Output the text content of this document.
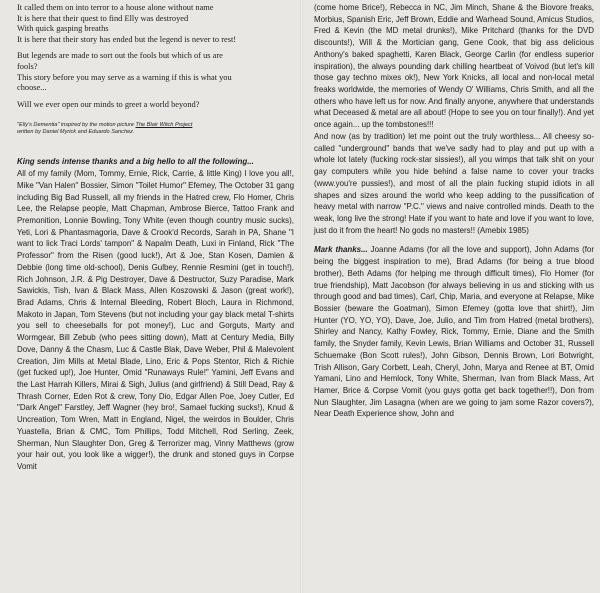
It called them on into terror to a house alone without name
It is here that their quest to find Elly was destroyed
With quick gasping breaths
It is here that their story has ended but the legend is never to rest!

But legends are made to sort out the fools but which of us are
fools?
This story before you may serve as a warning if this is what you
choose...

Will we ever open our minds to greet a world beyond?

"Elly's Dementia" inspired by the motion picture The Blair Witch Project
written by Daniel Myrick and Eduardo Sanchez.

King sends intense thanks and a big hello to all the following...
All of my family (Mom, Tommy, Ernie, Rick, Carrie, & little King) I love you all!, Mike "Van Halen" Bossier, Simon "Toilet Humor" Efemey, The October 31 gang including Big Bad Russell, all my friends in the Hatred crew, Flo Homer, Chris Lee, the Relapse people, Matt Chapman, Ambrose Bierce, Tattoo Frank and Premonition, Lonnie Bowling, Tony White (even though country music sucks), Yeti, Lori & Phantasmagoria, Dave & Crook'd Records, Sarah in PA, Shane "I want to lick Traci Lords' tampon" & Napalm Death, Luxi in Finland, Rick "The Professor" from the Risen (good luck!), Art & Joe, Stan Kosen, Damien & Debbie (long time old-school), Denis Gulbey, Rennie Resmini (get in touch!), Rich Johnson, J.R. & Pig Destroyer, Dave & Destructor, Suzy Paradise, Mark Sawickis, Tish, Ivan & Black Mass, Allen Koszowski & Jason (great work!), Brad Adams, Chris & Internal Bleeding, Robert Bloch, Laura in Richmond, Makoto in Japan, Tom Stevens (but not including your gay black metal T-shirts you sell to cheeseballs for pot money!), Luc and Gorguts, Marty and Wormgear, Bill Zebub (who pees sitting down), Matt at Century Media, Billy Dove, Danny & the Chasm, Luc & Castle Blak, Dave Weber, Phil & Malevolent Creation, Jim Mills at Metal Blade, Lino, Eric & Pops Stentor, Rich & Richie (get fucked up!), Joe Hunter, Omid "Runaways Rule!" Yamini, Jeff Evans and the Last Harrah Killers, Mirai & Sigh, Julius (and girlfriend) & Still Dead, Ray & Thrash Corner, Eden Rot & crew, Tony Dio, Edgar Allen Poe, Joey Cutler, Ed "Dark Angel" Farstley, Jeff Wagner (hey bro!, Samael fucking sucks!), Knud & Uncreation, Tom Wren, Matt in England, Nigel, the weirdos in Boulder, Chris Yuastella, Brian & CMC, Tom Phillips, Todd Mitchell, Rod Serling, Zeek, Sherman, Nun Slaughter Don, Greg & Terrorizer mag, Vinny Matthews (grow your hair out, you look like a wigger!), the drunk and stoned guys in Corpse Vomit

(come home Brice!), Rebecca in NC, Jim Minch, Shane & the Biovore freaks, Morbius, Spanish Eric, Jeff Brown, Eddie and Warhead Sound, Amicus Studios, Fred & Kevin (the MD metal drunks!), Mike Pritchard (thanks for the DVD discounts!), Will & the Mortician gang, Gene Cook, that big ass delicious Anthony's baked spaghetti, Karen Black, George Carlin (for endless superior inspiration), the always pounding dark chilling heartbeat of Voivod (but let's kill those gay techno mixes ok!), New York Knicks, all local and non-local metal freaks worldwide, the memories of Wendy O' Williams, Chris Smith, and all the others who have left us for now. And finally anyone, anywhere that understands what Deceased & metal are all about! (Hope to see you on tour finally!). And yet once again... up the tombstones!!!

And now (as by tradition) let me point out the truly worthless... All cheesy so-called "underground" bands that we've sadly had to play and put up with a whole lot lately (fucking rock-star sissies!), all you wimps that talk shit on your gay computers while you hide behind a false name to cover your tracks (www.you're pussies!), and most of all the plain fucking stupid idiots in all shapes and sizes around the world who keep adding to the pussification of heavy metal with narrow "P.C." views and naive controlled minds. Death to the weak, long live the strong! Hate if you want to hate and love if you want to love, just do it from the heart! No gods no masters!! (Amebix 1985)

Mark thanks... Joanne Adams (for all the love and support), John Adams (for being the biggest inspiration to me), Brad Adams (for being a true blood brother), Beth Adams (for helping me through difficult times), Flo Homer (for true friendship), Matt Jacobson (for always believing in us and sticking with us through good and bad times), Carl, Chip, Maria, and everyone at Relapse, Mike Bossier (beware the Goatman), Simon Efemey (gotta love that shirt!), Jim Hunter (YO, YO, YO), Dave, Joe, Julio, and Tim from Hatred (metal brothers), Shirley and Nancy, Kathy Fowley, Rick, Tommy, Ernie, Diane and the Smith family, the Snyder family, Kevin Lewis, Brian Williams and October 31, Russell Schuemake (Bon Scott rules!), John Gibson, Dennis Brown, Lori Botwright, Trish Allison, Gary Corbett, Leah, Cheryl, John, Marya and Renee at BT, Omid Yamani, Lino and Hemlock, Tony White, Sherman, Ivan from Black Mass, Art Hamer, Brice & Corpse Vomit (you guys gotta get back together!!), Don from Nun Slaughter, Jim Lasagna (when are we going to jam some Razor covers?), Near Death Experience show, John and
